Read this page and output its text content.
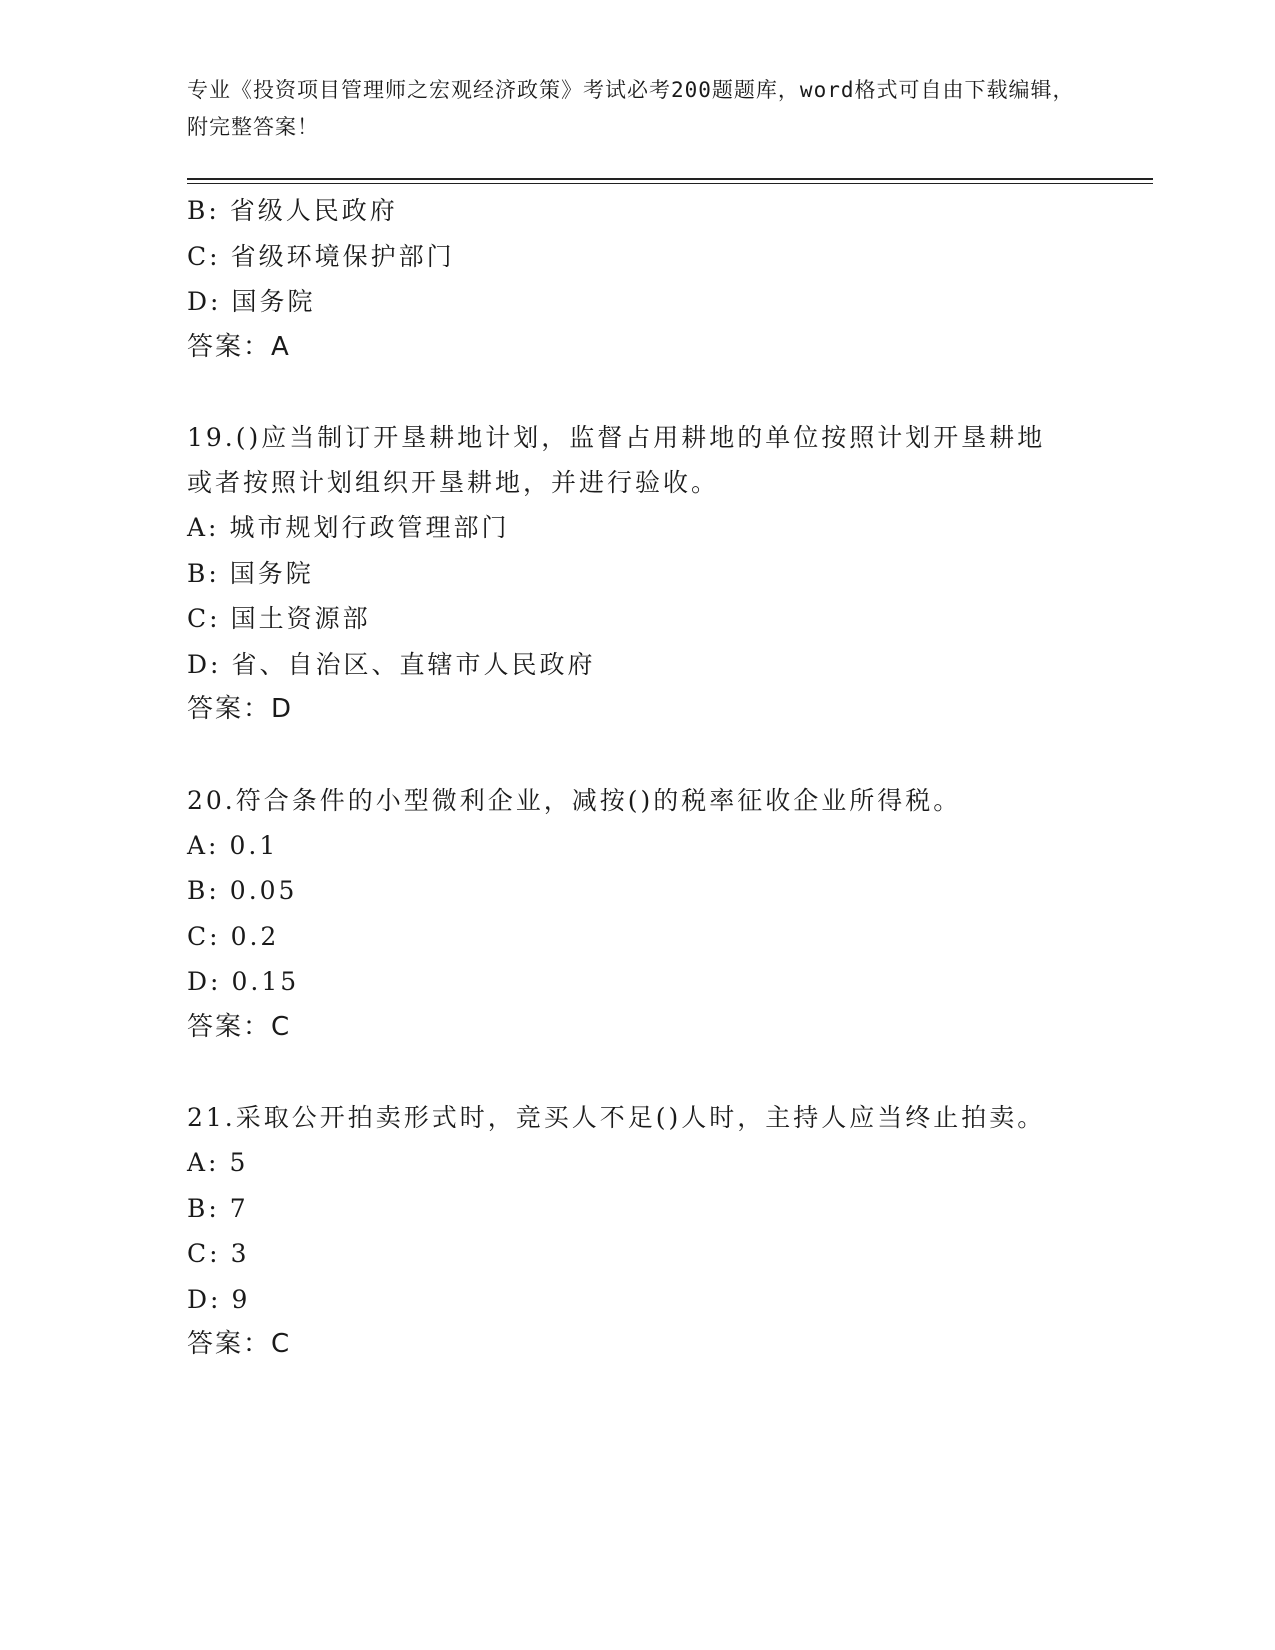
专业《投资项目管理师之宏观经济政策》考试必考200题题库，word格式可自由下载编辑，附完整答案！
B: 省级人民政府
C: 省级环境保护部门
D: 国务院
答案：A
19.()应当制订开垦耕地计划，监督占用耕地的单位按照计划开垦耕地或者按照计划组织开垦耕地，并进行验收。
A: 城市规划行政管理部门
B: 国务院
C: 国土资源部
D: 省、自治区、直辖市人民政府
答案：D
20.符合条件的小型微利企业，减按()的税率征收企业所得税。
A: 0.1
B: 0.05
C: 0.2
D: 0.15
答案：C
21.采取公开拍卖形式时，竞买人不足()人时，主持人应当终止拍卖。
A: 5
B: 7
C: 3
D: 9
答案：C
